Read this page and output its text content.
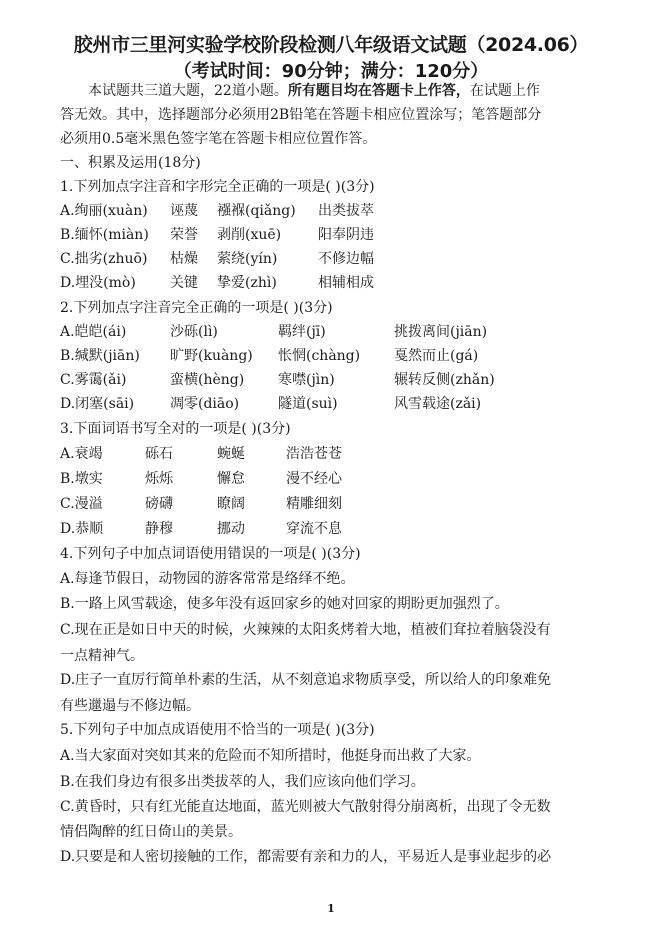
胶州市三里河实验学校阶段检测八年级语文试题（2024.06）
（考试时间：90分钟；满分：120分）
本试题共三道大题，22道小题。所有题目均在答题卡上作答，在试题上作
答无效。其中，选择题部分必须用2B铅笔在答题卡相应位置涂写；笔答题部分
必须用0.5毫米黑色签字笔在答题卡相应位置作答。
一、积累及运用(18分)
1.下列加点字注音和字形完全正确的一项是( )(3分)
A.绚丽(xuàn) 诬蔑 襁褓(qiǎng) 出类拔萃
B.缅怀(miàn) 荣誉 剥削(xuē)	阳奉阴违
C.拙劣(zhuō) 枯燥 萦绕(yín)	不修边幅
D.埋没(mò) 关键 挚爱(zhì)	相辅相成
2.下列加点字注音完全正确的一项是( )(3分)
A.皑皑(ái)	沙砾(lì)	羁绊(jī)	挑拨离间(jiān)
B.缄默(jiān) 旷野(kuàng) 怅惘(chàng) 戛然而止(gá)
C.雾霭(ǎi)	蛮横(hèng) 寒噤(jìn)	辗转反侧(zhǎn)
D.闭塞(sāi)	凋零(diāo)	隧道(suì)	风雪载途(zǎi)
3.下面词语书写全对的一项是( )(3分)
A.衰竭	砾石	蜿蜒	浩浩苍苍
B.墩实	烁烁	懈怠	漫不经心
C.漫溢	磅礴	瞭阔	精雕细刻
D.恭顺	静穆	挪动	穿流不息
4.下列句子中加点词语使用错误的一项是( )(3分)
A.每逢节假日，动物园的游客常常是络绎不绝。
B.一路上风雪载途，使多年没有返回家乡的她对回家的期盼更加强烈了。
C.现在正是如日中天的时候，火辣辣的太阳炙烤着大地，植被们耷拉着脑袋没有
一点精神气。
D.庄子一直厉行简单朴素的生活，从不刻意追求物质享受，所以给人的印象难免
有些邋遢与不修边幅。
5.下列句子中加点成语使用不恰当的一项是( )(3分)
A.当大家面对突如其来的危险而不知所措时，他挺身而出救了大家。
B.在我们身边有很多出类拔萃的人，我们应该向他们学习。
C.黄昏时，只有红光能直达地面，蓝光则被大气散射得分崩离析，出现了令无数
情侣陶醉的红日倚山的美景。
D.只要是和人密切接触的工作，都需要有亲和力的人，平易近人是事业起步的必
1
